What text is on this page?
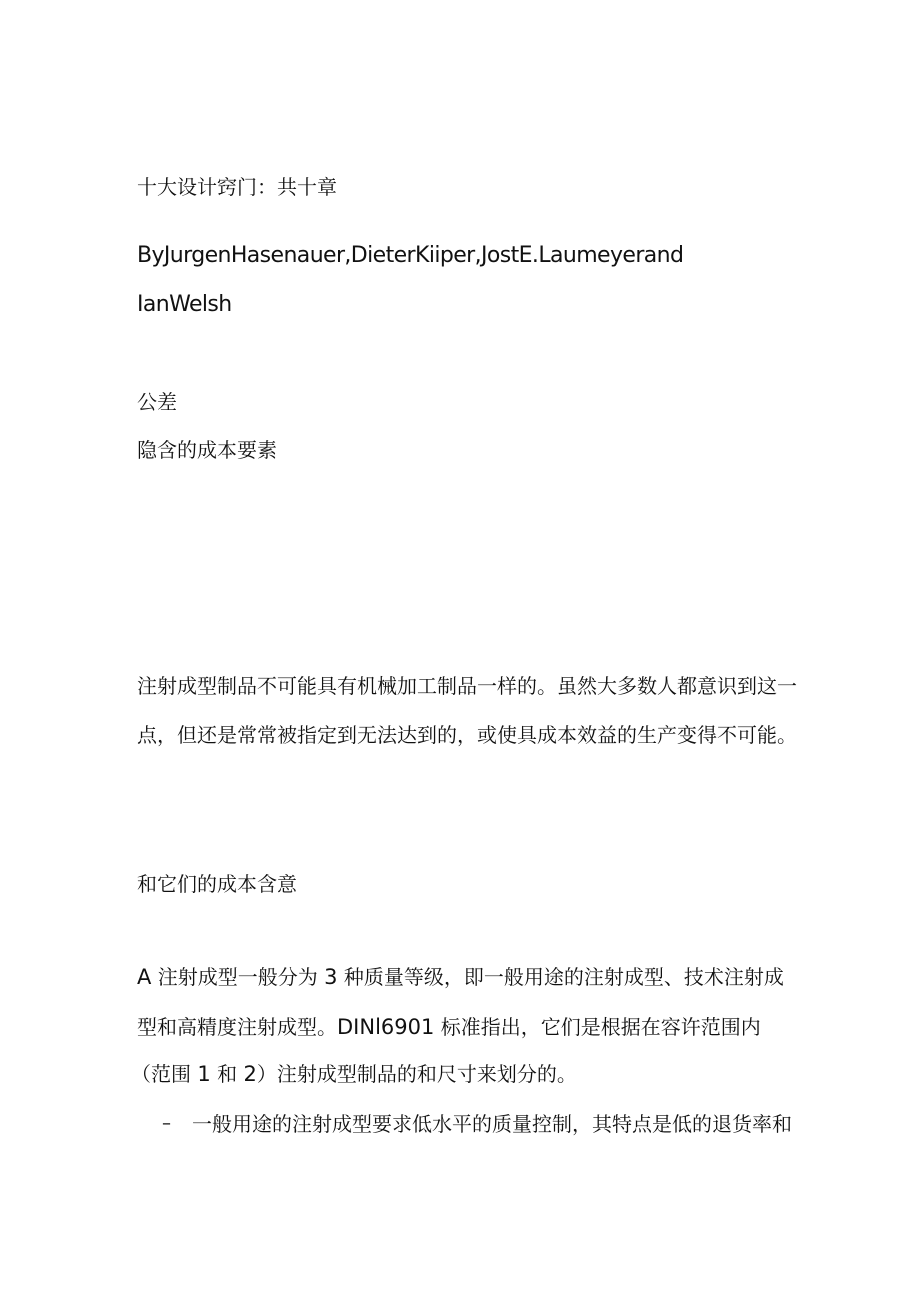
十大设计窍门：共十章
ByJurgenHasenauer,DieterKiiper,JostE.Laumeyerand
IanWelsh
公差
隐含的成本要素
注射成型制品不可能具有机械加工制品一样的。虽然大多数人都意识到这一
点，但还是常常被指定到无法达到的，或使具成本效益的生产变得不可能。
和它们的成本含意
A 注射成型一般分为 3 种质量等级，即一般用途的注射成型、技术注射成
型和高精度注射成型。DINl6901 标准指出，它们是根据在容许范围内
（范围 1 和 2）注射成型制品的和尺寸来划分的。
– 一般用途的注射成型要求低水平的质量控制，其特点是低的退货率和
